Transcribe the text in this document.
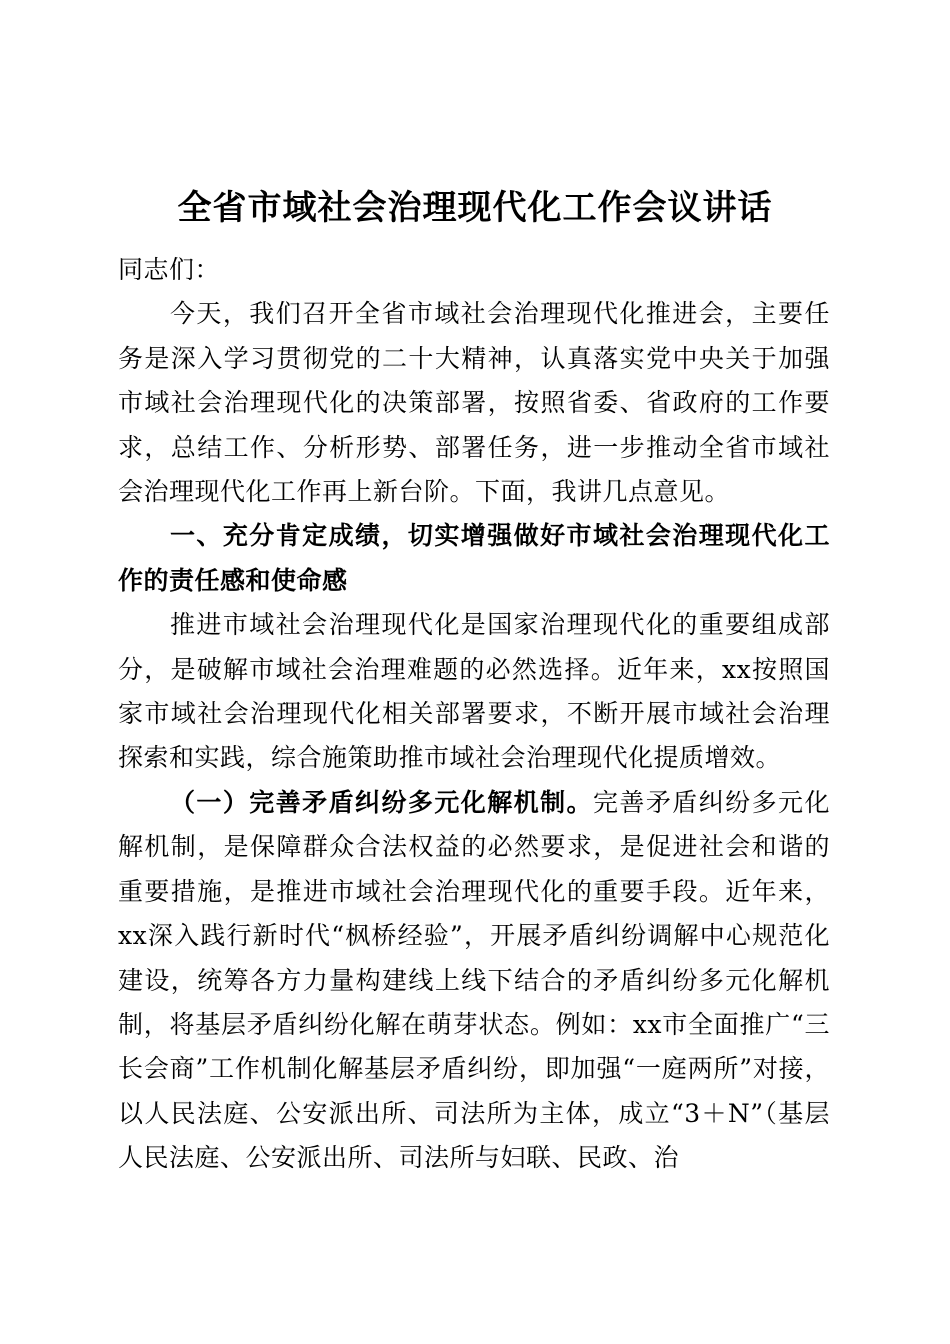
全省市域社会治理现代化工作会议讲话

同志们：

今天，我们召开全省市域社会治理现代化推进会，主要任务是深入学习贯彻党的二十大精神，认真落实党中央关于加强市域社会治理现代化的决策部署，按照省委、省政府的工作要求，总结工作、分析形势、部署任务，进一步推动全省市域社会治理现代化工作再上新台阶。下面，我讲几点意见。

一、充分肯定成绩，切实增强做好市域社会治理现代化工作的责任感和使命感

推进市域社会治理现代化是国家治理现代化的重要组成部分，是破解市域社会治理难题的必然选择。近年来，xx按照国家市域社会治理现代化相关部署要求，不断开展市域社会治理探索和实践，综合施策助推市域社会治理现代化提质增效。

（一）完善矛盾纠纷多元化解机制。完善矛盾纠纷多元化解机制，是保障群众合法权益的必然要求，是促进社会和谐的重要措施，是推进市域社会治理现代化的重要手段。近年来，xx深入践行新时代“枫桥经验”，开展矛盾纠纷调解中心规范化建设，统筹各方力量构建线上线下结合的矛盾纠纷多元化解机制，将基层矛盾纠纷化解在萌芽状态。例如：xx市全面推广“三长会商”工作机制化解基层矛盾纠纷，即加强“一庭两所”对接，以人民法庭、公安派出所、司法所为主体，成立“3＋N”（基层人民法庭、公安派出所、司法所与妇联、民政、治
